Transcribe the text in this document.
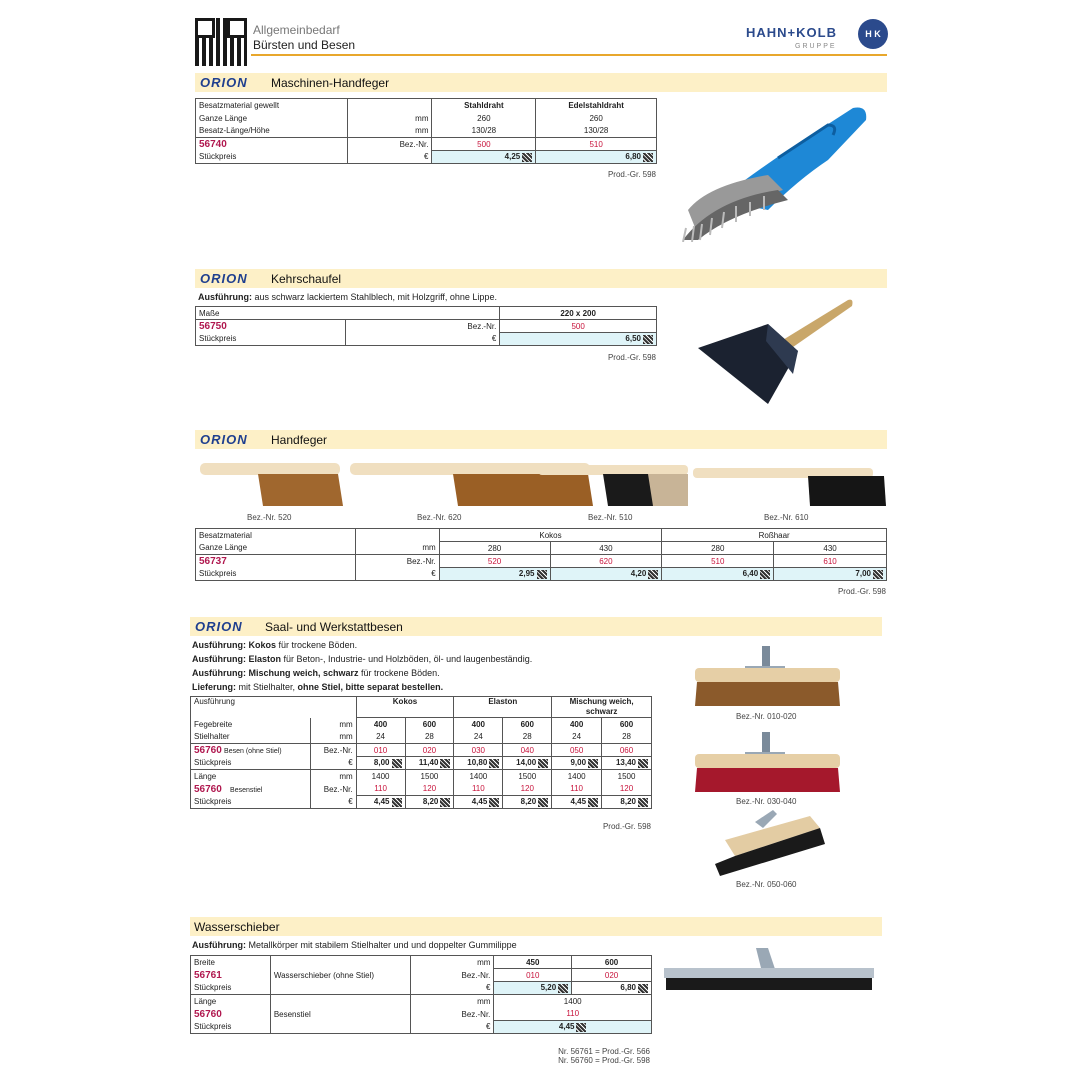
Allgemeinbedarf
Bürsten und Besen
HAHN+KOLB
GRUPPE
H K
ORION Maschinen-Handfeger
Besatzmaterial gewellt		Stahldraht	Edelstahldraht
Ganze Länge	mm	260	260
Besatz-Länge/Höhe	mm	130/28	130/28
56740	Bez.-Nr.	500	510
Stückpreis	€	4,25	6,80
Prod.-Gr. 598
ORION Kehrschaufel
Ausführung: aus schwarz lackiertem Stahlblech, mit Holzgriff, ohne Lippe.
Maße		220 x 200
56750	Bez.-Nr.	500
Stückpreis	€	6,50
Prod.-Gr. 598
ORION Handfeger
Bez.-Nr. 520	Bez.-Nr. 620	Bez.-Nr. 510	Bez.-Nr. 610
Besatzmaterial		Kokos		Roßhaar	
Ganze Länge	mm	280	430	280	430
56737	Bez.-Nr.	520	620	510	610
Stückpreis	€	2,95	4,20	6,40	7,00
Prod.-Gr. 598
ORION Saal- und Werkstattbesen
Ausführung: Kokos für trockene Böden.
Ausführung: Elaston für Beton-, Industrie- und Holzböden, öl- und laugenbeständig.
Ausführung: Mischung weich, schwarz für trockene Böden.
Lieferung: mit Stielhalter, ohne Stiel, bitte separat bestellen.
Ausführung		Kokos		Elaston		Mischung weich, schwarz	
Fegebreite	mm	400	600	400	600	400	600
Stielhalter	mm	24	28	24	28	24	28
56760 Besen (ohne Stiel)	Bez.-Nr.	010	020	030	040	050	060
Stückpreis	€	8,00	11,40	10,80	14,00	9,00	13,40
Länge	mm	1400	1500	1400	1500	1400	1500
56760 Besenstiel	Bez.-Nr.	110	120	110	120	110	120
Stückpreis	€	4,45	8,20	4,45	8,20	4,45	8,20
Prod.-Gr. 598
Bez.-Nr. 010-020
Bez.-Nr. 030-040
Bez.-Nr. 050-060
Wasserschieber
Ausführung: Metallkörper mit stabilem Stielhalter und und doppelter Gummilippe
Breite		mm	450	600
56761	Wasserschieber (ohne Stiel)	Bez.-Nr.	010	020
Stückpreis		€	5,20	6,80
Länge		mm	1400	
56760	Besenstiel	Bez.-Nr.	110	
Stückpreis		€	4,45	
Nr. 56761 = Prod.-Gr. 566
Nr. 56760 = Prod.-Gr. 598
